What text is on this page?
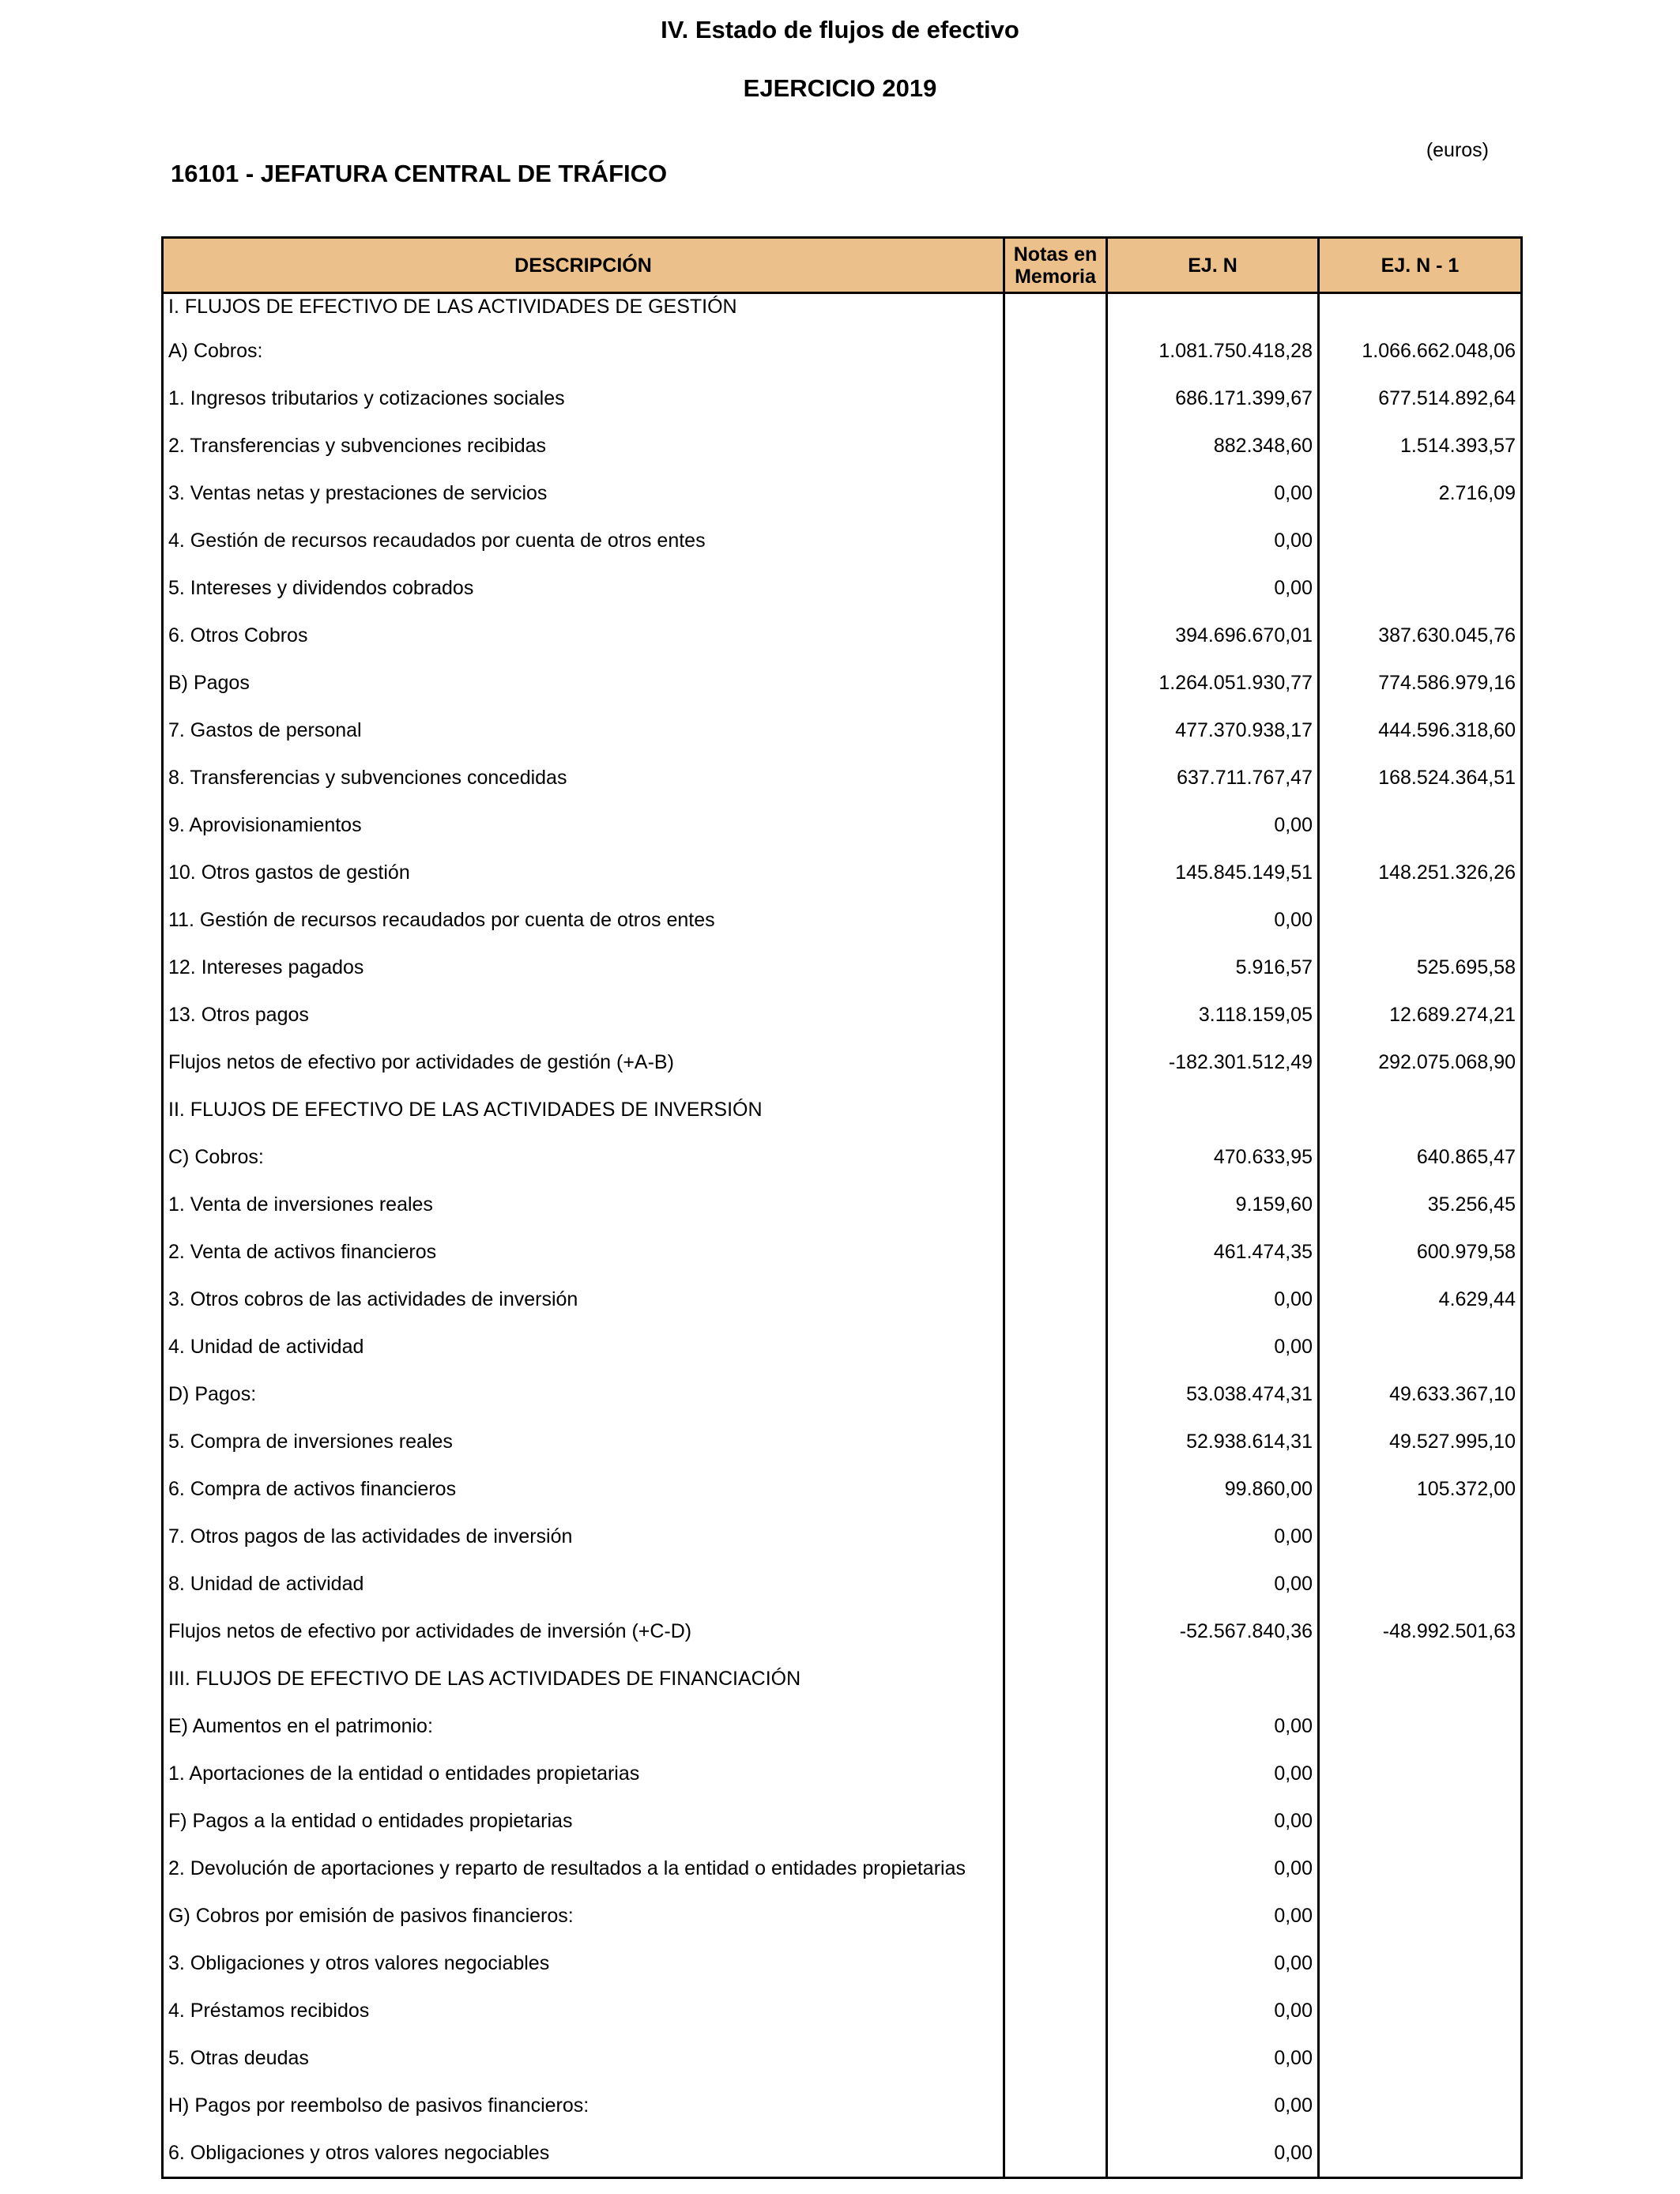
IV. Estado de flujos de efectivo
EJERCICIO 2019
(euros)
16101 - JEFATURA CENTRAL DE TRÁFICO
DESCRIPCIÓN	Notas en Memoria	EJ. N	EJ. N - 1
I. FLUJOS DE EFECTIVO DE LAS ACTIVIDADES DE GESTIÓN			
A) Cobros:		1.081.750.418,28	1.066.662.048,06
1. Ingresos tributarios y cotizaciones sociales		686.171.399,67	677.514.892,64
2. Transferencias y subvenciones recibidas		882.348,60	1.514.393,57
3. Ventas netas y prestaciones de servicios		0,00	2.716,09
4. Gestión de recursos recaudados por cuenta de otros entes		0,00	
5. Intereses y dividendos cobrados		0,00	
6. Otros Cobros		394.696.670,01	387.630.045,76
B) Pagos		1.264.051.930,77	774.586.979,16
7. Gastos de personal		477.370.938,17	444.596.318,60
8. Transferencias y subvenciones concedidas		637.711.767,47	168.524.364,51
9. Aprovisionamientos		0,00	
10. Otros gastos de gestión		145.845.149,51	148.251.326,26
11. Gestión de recursos recaudados por cuenta de otros entes		0,00	
12. Intereses pagados		5.916,57	525.695,58
13. Otros pagos		3.118.159,05	12.689.274,21
Flujos netos de efectivo por actividades de gestión (+A-B)		-182.301.512,49	292.075.068,90
II. FLUJOS DE EFECTIVO DE LAS ACTIVIDADES DE INVERSIÓN			
C) Cobros:		470.633,95	640.865,47
1. Venta de inversiones reales		9.159,60	35.256,45
2. Venta de activos financieros		461.474,35	600.979,58
3. Otros cobros de las actividades de inversión		0,00	4.629,44
4. Unidad de actividad		0,00	
D) Pagos:		53.038.474,31	49.633.367,10
5. Compra de inversiones reales		52.938.614,31	49.527.995,10
6. Compra de activos financieros		99.860,00	105.372,00
7. Otros pagos de las actividades de inversión		0,00	
8. Unidad de actividad		0,00	
Flujos netos de efectivo por actividades de inversión (+C-D)		-52.567.840,36	-48.992.501,63
III. FLUJOS DE EFECTIVO DE LAS ACTIVIDADES DE FINANCIACIÓN			
E) Aumentos en el patrimonio:		0,00	
1. Aportaciones de la entidad o entidades propietarias		0,00	
F) Pagos a la entidad o entidades propietarias		0,00	
2. Devolución de aportaciones y reparto de resultados a la entidad o entidades propietarias		0,00	
G) Cobros por emisión de pasivos financieros:		0,00	
3. Obligaciones y otros valores negociables		0,00	
4. Préstamos recibidos		0,00	
5. Otras deudas		0,00	
H) Pagos por reembolso de pasivos financieros:		0,00	
6. Obligaciones y otros valores negociables		0,00	
